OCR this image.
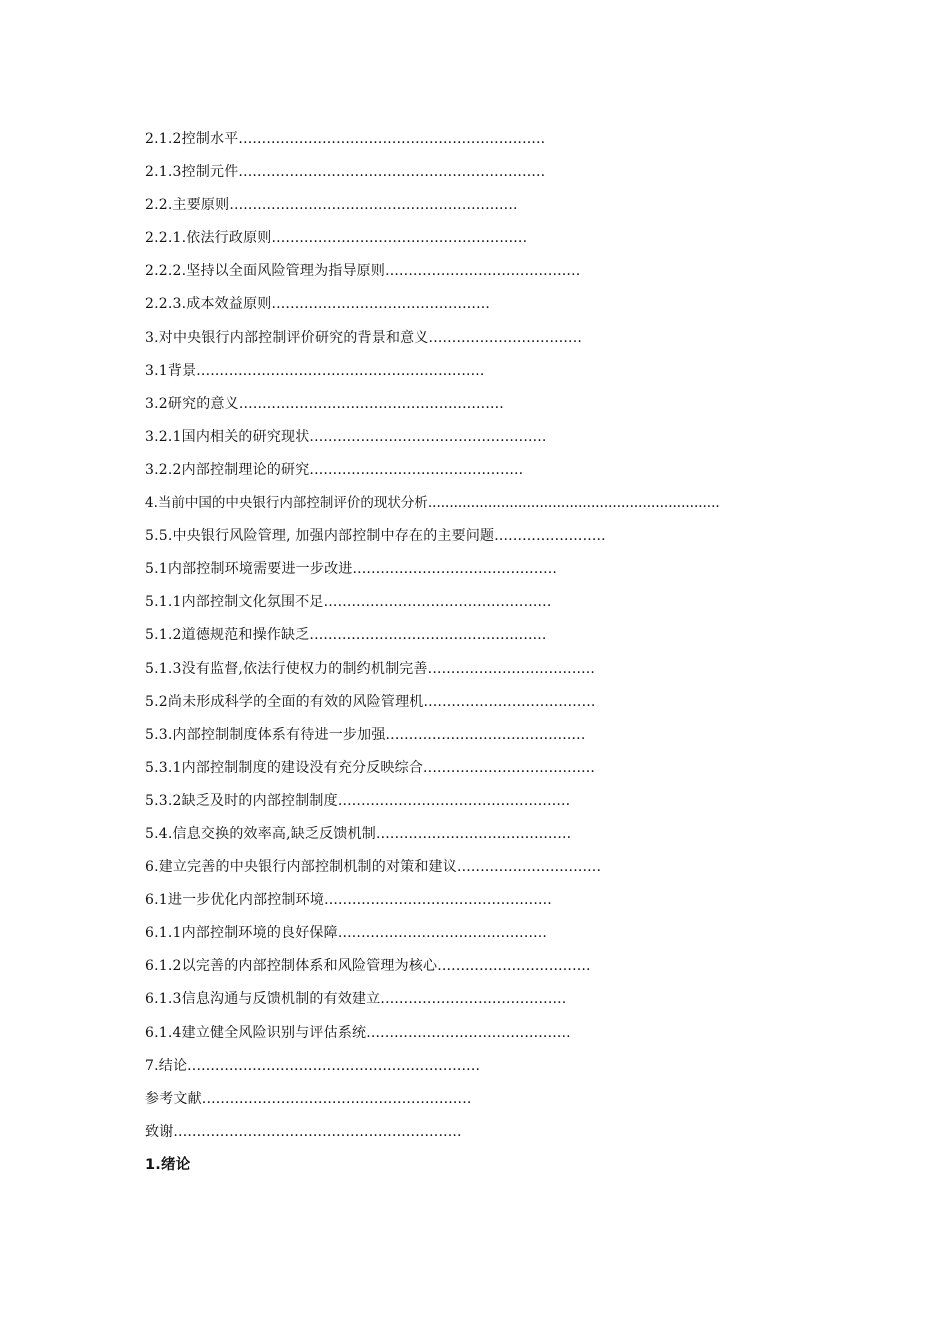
2.1.2控制水平..................................................................
2.1.3控制元件..................................................................
2.2.主要原则..............................................................
2.2.1.依法行政原则.......................................................
2.2.2.坚持以全面风险管理为指导原则..........................................
2.2.3.成本效益原则...............................................
3.对中央银行内部控制评价研究的背景和意义.................................
3.1背景..............................................................
3.2研究的意义.........................................................
3.2.1国内相关的研究现状...................................................
3.2.2内部控制理论的研究..............................................
4.当前中国的中央银行内部控制评价的现状分析....................................................................
5.5.中央银行风险管理, 加强内部控制中存在的主要问题........................
5.1内部控制环境需要进一步改进............................................
5.1.1内部控制文化氛围不足.................................................
5.1.2道德规范和操作缺乏...................................................
5.1.3没有监督,依法行使权力的制约机制完善....................................
5.2尚未形成科学的全面的有效的风险管理机.....................................
5.3.内部控制制度体系有待进一步加强...........................................
5.3.1内部控制制度的建设没有充分反映综合.....................................
5.3.2缺乏及时的内部控制制度..................................................
5.4.信息交换的效率高,缺乏反馈机制..........................................
6.建立完善的中央银行内部控制机制的对策和建议...............................
6.1进一步优化内部控制环境.................................................
6.1.1内部控制环境的良好保障.............................................
6.1.2以完善的内部控制体系和风险管理为核心.................................
6.1.3信息沟通与反馈机制的有效建立........................................
6.1.4建立健全风险识别与评估系统............................................
7.结论...............................................................
参考文献..........................................................
致谢..............................................................
1.绪论
